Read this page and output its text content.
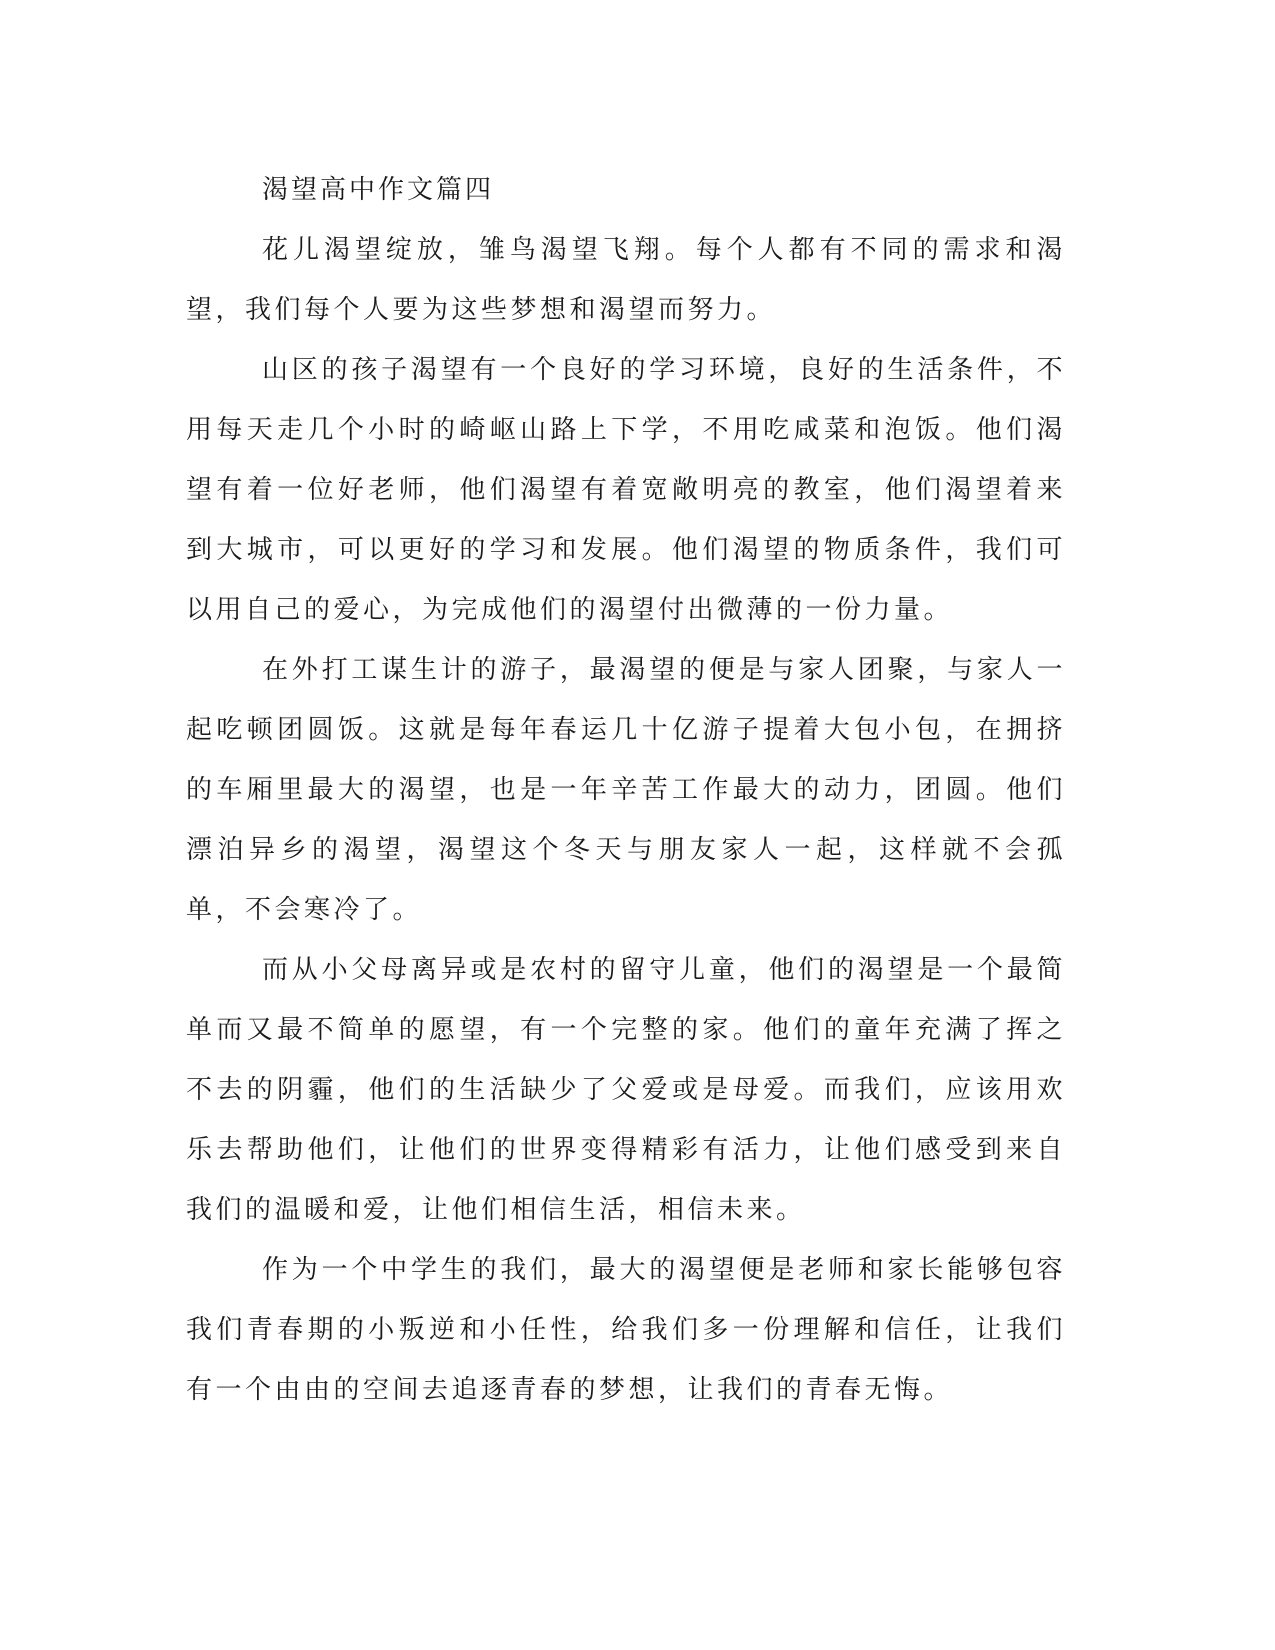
渴望高中作文篇四

花儿渴望绽放，雏鸟渴望飞翔。每个人都有不同的需求和渴望，我们每个人要为这些梦想和渴望而努力。

山区的孩子渴望有一个良好的学习环境，良好的生活条件，不用每天走几个小时的崎岖山路上下学，不用吃咸菜和泡饭。他们渴望有着一位好老师，他们渴望有着宽敞明亮的教室，他们渴望着来到大城市，可以更好的学习和发展。他们渴望的物质条件，我们可以用自己的爱心，为完成他们的渴望付出微薄的一份力量。

在外打工谋生计的游子，最渴望的便是与家人团聚，与家人一起吃顿团圆饭。这就是每年春运几十亿游子提着大包小包，在拥挤的车厢里最大的渴望，也是一年辛苦工作最大的动力，团圆。他们漂泊异乡的渴望，渴望这个冬天与朋友家人一起，这样就不会孤单，不会寒冷了。

而从小父母离异或是农村的留守儿童，他们的渴望是一个最简单而又最不简单的愿望，有一个完整的家。他们的童年充满了挥之不去的阴霾，他们的生活缺少了父爱或是母爱。而我们，应该用欢乐去帮助他们，让他们的世界变得精彩有活力，让他们感受到来自我们的温暖和爱，让他们相信生活，相信未来。

作为一个中学生的我们，最大的渴望便是老师和家长能够包容我们青春期的小叛逆和小任性，给我们多一份理解和信任，让我们有一个由由的空间去追逐青春的梦想，让我们的青春无悔。
